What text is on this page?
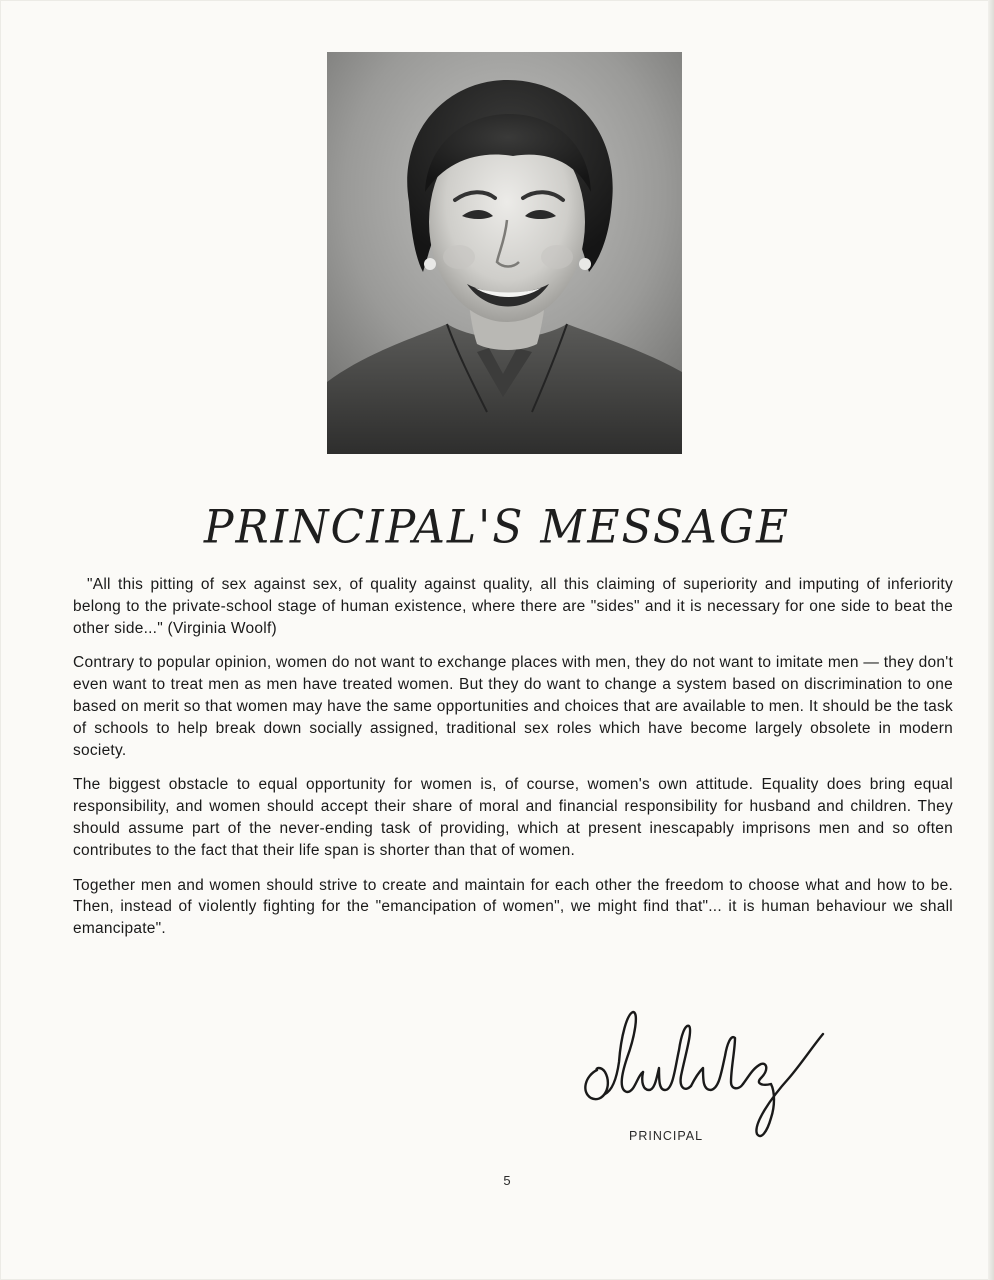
PRINCIPAL'S MESSAGE

"All this pitting of sex against sex, of quality against quality, all this claiming of superiority and imputing of inferiority belong to the private-school stage of human existence, where there are "sides" and it is necessary for one side to beat the other side..." (Virginia Woolf)

Contrary to popular opinion, women do not want to exchange places with men, they do not want to imitate men — they don't even want to treat men as men have treated women. But they do want to change a system based on discrimination to one based on merit so that women may have the same opportunities and choices that are available to men. It should be the task of schools to help break down socially assigned, traditional sex roles which have become largely obsolete in modern society.

The biggest obstacle to equal opportunity for women is, of course, women's own attitude. Equality does bring equal responsibility, and women should accept their share of moral and financial responsibility for husband and children. They should assume part of the never-ending task of providing, which at present inescapably imprisons men and so often contributes to the fact that their life span is shorter than that of women.

Together men and women should strive to create and maintain for each other the freedom to choose what and how to be. Then, instead of violently fighting for the "emancipation of women", we might find that"... it is human behaviour we shall emancipate".

PRINCIPAL
5
